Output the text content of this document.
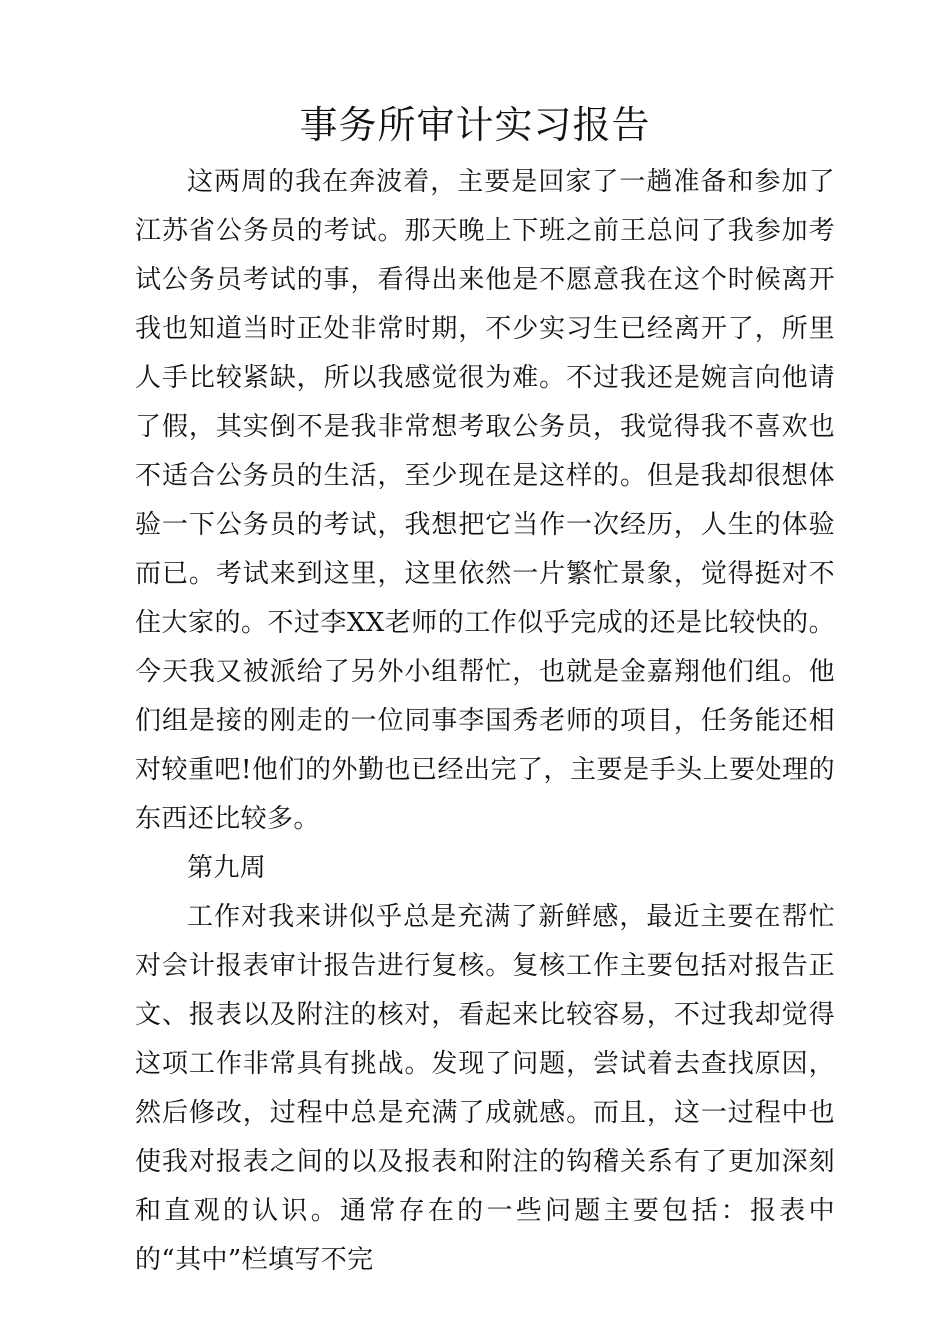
事务所审计实习报告

这两周的我在奔波着，主要是回家了一趟准备和参加了江苏省公务员的考试。那天晚上下班之前王总问了我参加考试公务员考试的事，看得出来他是不愿意我在这个时候离开我也知道当时正处非常时期，不少实习生已经离开了，所里人手比较紧缺，所以我感觉很为难。不过我还是婉言向他请了假，其实倒不是我非常想考取公务员，我觉得我不喜欢也不适合公务员的生活，至少现在是这样的。但是我却很想体验一下公务员的考试，我想把它当作一次经历，人生的体验而已。考试来到这里，这里依然一片繁忙景象，觉得挺对不住大家的。不过李XX老师的工作似乎完成的还是比较快的。今天我又被派给了另外小组帮忙，也就是金嘉翔他们组。他们组是接的刚走的一位同事李国秀老师的项目，任务能还相对较重吧!他们的外勤也已经出完了，主要是手头上要处理的东西还比较多。

第九周

工作对我来讲似乎总是充满了新鲜感，最近主要在帮忙对会计报表审计报告进行复核。复核工作主要包括对报告正文、报表以及附注的核对，看起来比较容易，不过我却觉得这项工作非常具有挑战。发现了问题，尝试着去查找原因，然后修改，过程中总是充满了成就感。而且，这一过程中也使我对报表之间的以及报表和附注的钩稽关系有了更加深刻和直观的认识。通常存在的一些问题主要包括：报表中的“其中”栏填写不完
